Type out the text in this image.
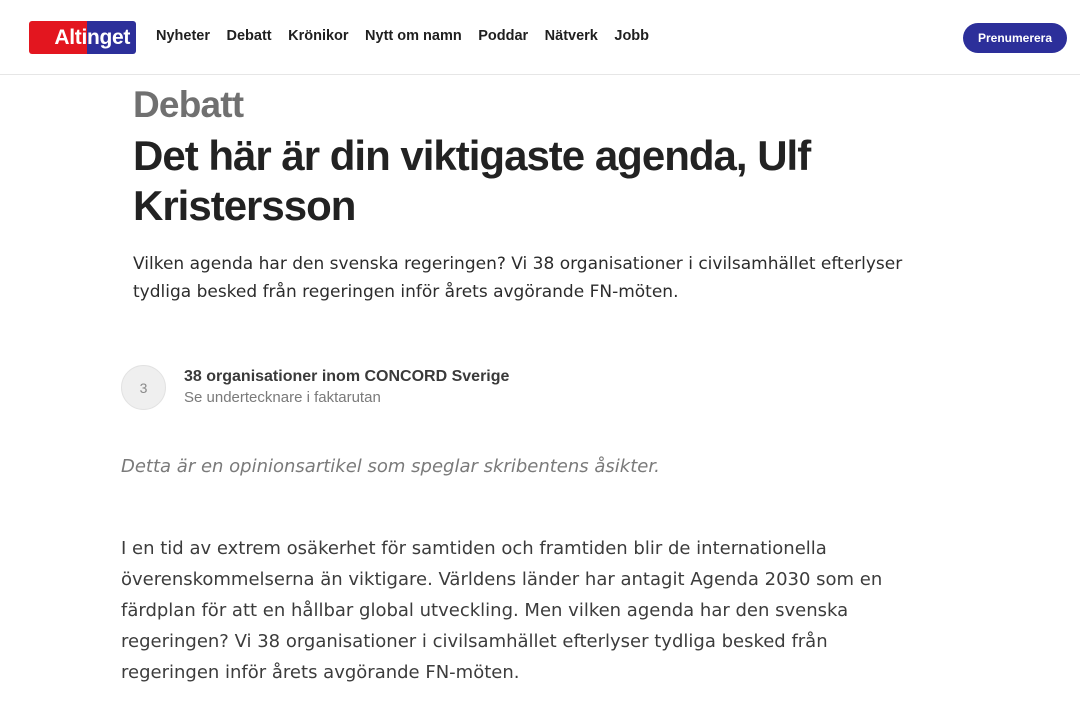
Alti nget	Nyheter Debatt Krönikor Nytt om namn Poddar Nätverk Jobb	Prenumerera
Debatt
Det här är din viktigaste agenda, Ulf Kristersson

Vilken agenda har den svenska regeringen? Vi 38 organisationer i civilsamhället efterlyser tydliga besked från regeringen inför årets avgörande FN-möten.

3
38 organisationer inom CONCORD Sverige
Se undertecknare i faktarutan

Detta är en opinionsartikel som speglar skribentens åsikter.

I en tid av extrem osäkerhet för samtiden och framtiden blir de internationella överenskommelserna än viktigare. Världens länder har antagit Agenda 2030 som en färdplan för att en hållbar global utveckling. Men vilken agenda har den svenska regeringen? Vi 38 organisationer i civilsamhället efterlyser tydliga besked från regeringen inför årets avgörande FN-möten.
